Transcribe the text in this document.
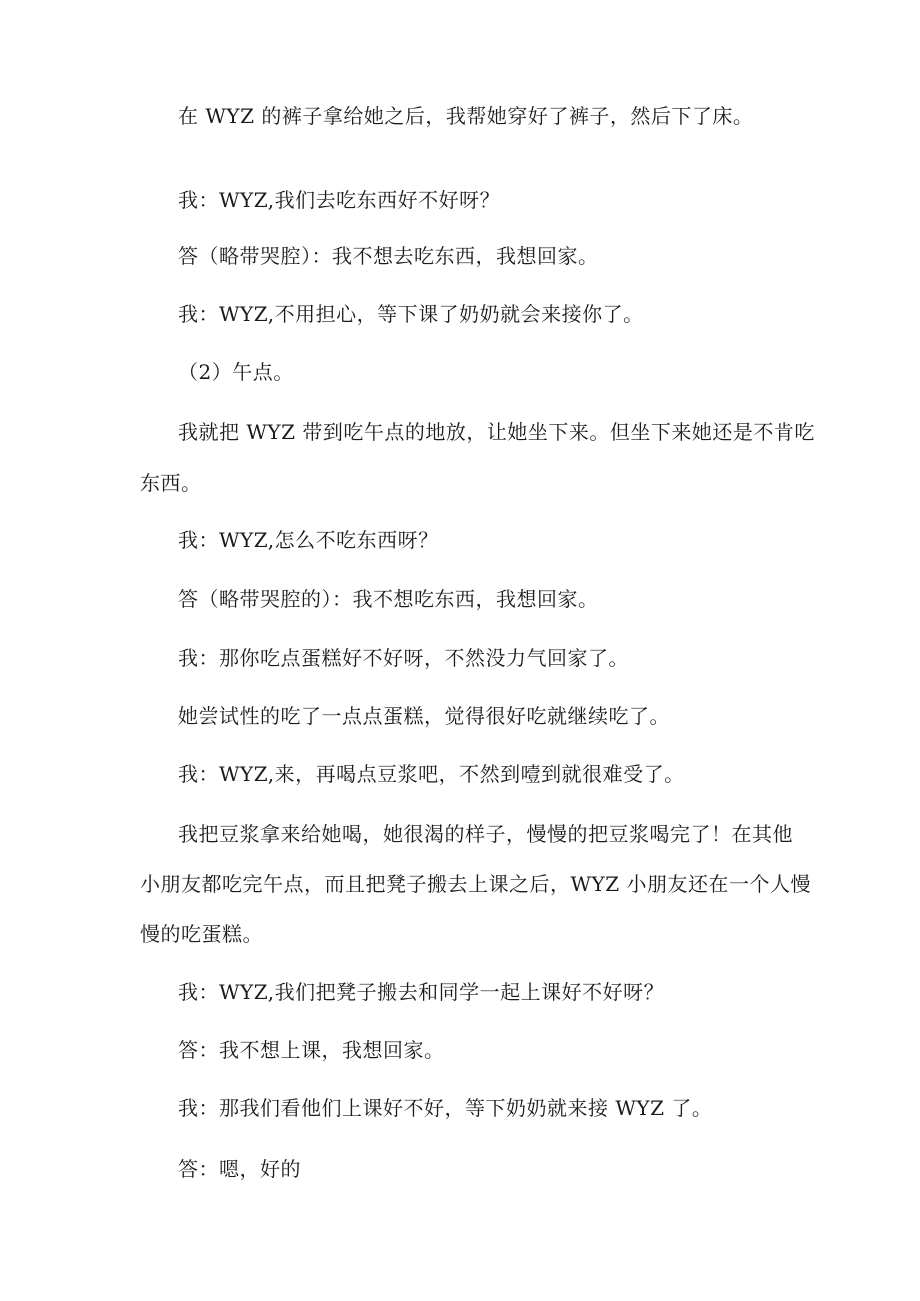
在 WYZ 的裤子拿给她之后，我帮她穿好了裤子，然后下了床。
我：WYZ,我们去吃东西好不好呀？
答（略带哭腔）：我不想去吃东西，我想回家。
我：WYZ,不用担心，等下课了奶奶就会来接你了。
（2）午点。
我就把 WYZ 带到吃午点的地放，让她坐下来。但坐下来她还是不肯吃
东西。
我：WYZ,怎么不吃东西呀？
答（略带哭腔的）：我不想吃东西，我想回家。
我：那你吃点蛋糕好不好呀，不然没力气回家了。
她尝试性的吃了一点点蛋糕，觉得很好吃就继续吃了。
我：WYZ,来，再喝点豆浆吧，不然到噎到就很难受了。
我把豆浆拿来给她喝，她很渴的样子，慢慢的把豆浆喝完了！在其他
小朋友都吃完午点，而且把凳子搬去上课之后，WYZ 小朋友还在一个人慢
慢的吃蛋糕。
我：WYZ,我们把凳子搬去和同学一起上课好不好呀？
答：我不想上课，我想回家。
我：那我们看他们上课好不好，等下奶奶就来接 WYZ 了。
答：嗯，好的
